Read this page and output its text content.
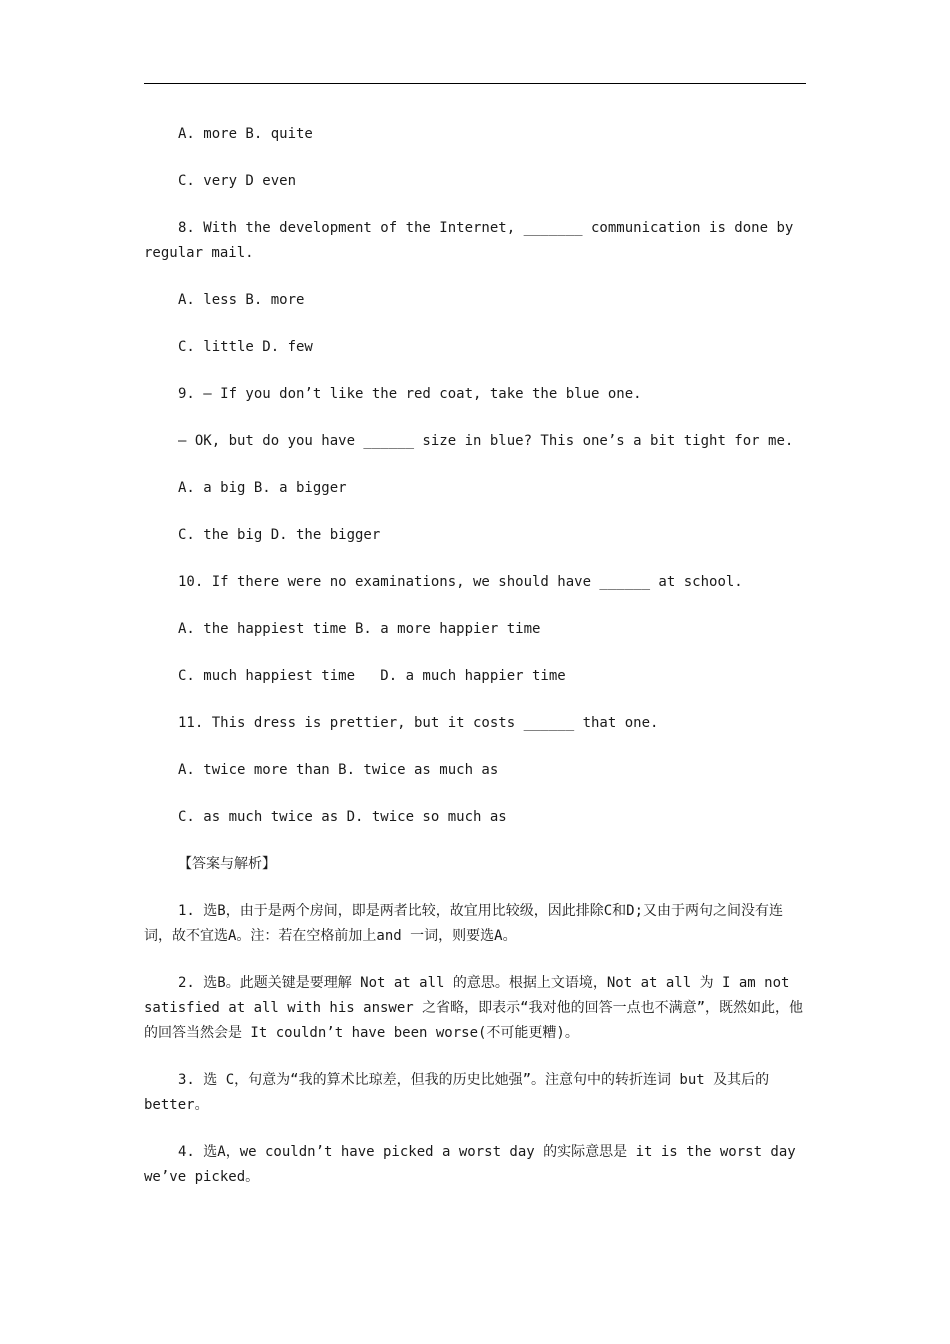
A. more B. quite

C. very D even

8. With the development of the Internet, _______ communication is done by regular mail.

A. less B. more

C. little D. few

9. — If you don’t like the red coat, take the blue one.

— OK, but do you have ______ size in blue? This one’s a bit tight for me.

A. a big B. a bigger

C. the big D. the bigger

10. If there were no examinations, we should have ______ at school.

A. the happiest time B. a more happier time

C. much happiest time   D. a much happier time

11. This dress is prettier, but it costs ______ that one.

A. twice more than B. twice as much as

C. as much twice as D. twice so much as

【答案与解析】

1. 选B，由于是两个房间，即是两者比较，故宜用比较级，因此排除C和D;又由于两句之间没有连词，故不宜选A。注：若在空格前加上and 一词，则要选A。

2. 选B。此题关键是要理解 Not at all 的意思。根据上文语境，Not at all 为 I am not satisfied at all with his answer 之省略，即表示“我对他的回答一点也不满意”，既然如此，他的回答当然会是 It couldn’t have been worse(不可能更糟)。

3. 选 C，句意为“我的算术比琼差，但我的历史比她强”。注意句中的转折连词 but 及其后的 better。

4. 选A，we couldn’t have picked a worst day 的实际意思是 it is the worst day we’ve picked。
